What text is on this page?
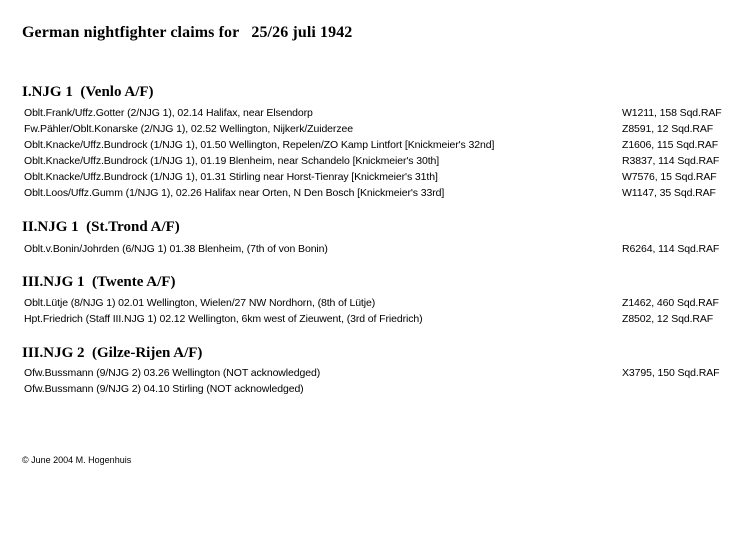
German nightfighter claims for   25/26 juli 1942
I.NJG 1  (Venlo A/F)
Oblt.Frank/Uffz.Gotter (2/NJG 1), 02.14 Halifax, near Elsendorp	W1211, 158 Sqd.RAF
Fw.Pähler/Oblt.Konarske (2/NJG 1), 02.52 Wellington, Nijkerk/Zuiderzee	Z8591, 12 Sqd.RAF
Oblt.Knacke/Uffz.Bundrock (1/NJG 1), 01.50 Wellington, Repelen/ZO Kamp Lintfort [Knickmeier's 32nd]	Z1606, 115 Sqd.RAF
Oblt.Knacke/Uffz.Bundrock (1/NJG 1), 01.19 Blenheim, near Schandelo [Knickmeier's 30th]	R3837, 114 Sqd.RAF
Oblt.Knacke/Uffz.Bundrock (1/NJG 1), 01.31 Stirling near Horst-Tienray [Knickmeier's 31th]	W7576, 15 Sqd.RAF
Oblt.Loos/Uffz.Gumm (1/NJG 1), 02.26 Halifax near Orten, N Den Bosch [Knickmeier's 33rd]	W1147, 35 Sqd.RAF
II.NJG 1  (St.Trond A/F)
Oblt.v.Bonin/Johrden (6/NJG 1) 01.38 Blenheim, (7th of von Bonin)	R6264, 114 Sqd.RAF
III.NJG 1  (Twente A/F)
Oblt.Lütje (8/NJG 1) 02.01 Wellington, Wielen/27 NW Nordhorn, (8th of Lütje)	Z1462, 460 Sqd.RAF
Hpt.Friedrich (Staff III.NJG 1) 02.12 Wellington, 6km west of Zieuwent, (3rd of Friedrich)	Z8502, 12 Sqd.RAF
III.NJG 2  (Gilze-Rijen A/F)
Ofw.Bussmann (9/NJG 2) 03.26 Wellington (NOT acknowledged)	X3795, 150 Sqd.RAF
Ofw.Bussmann (9/NJG 2) 04.10 Stirling (NOT acknowledged)
© June 2004 M. Hogenhuis
